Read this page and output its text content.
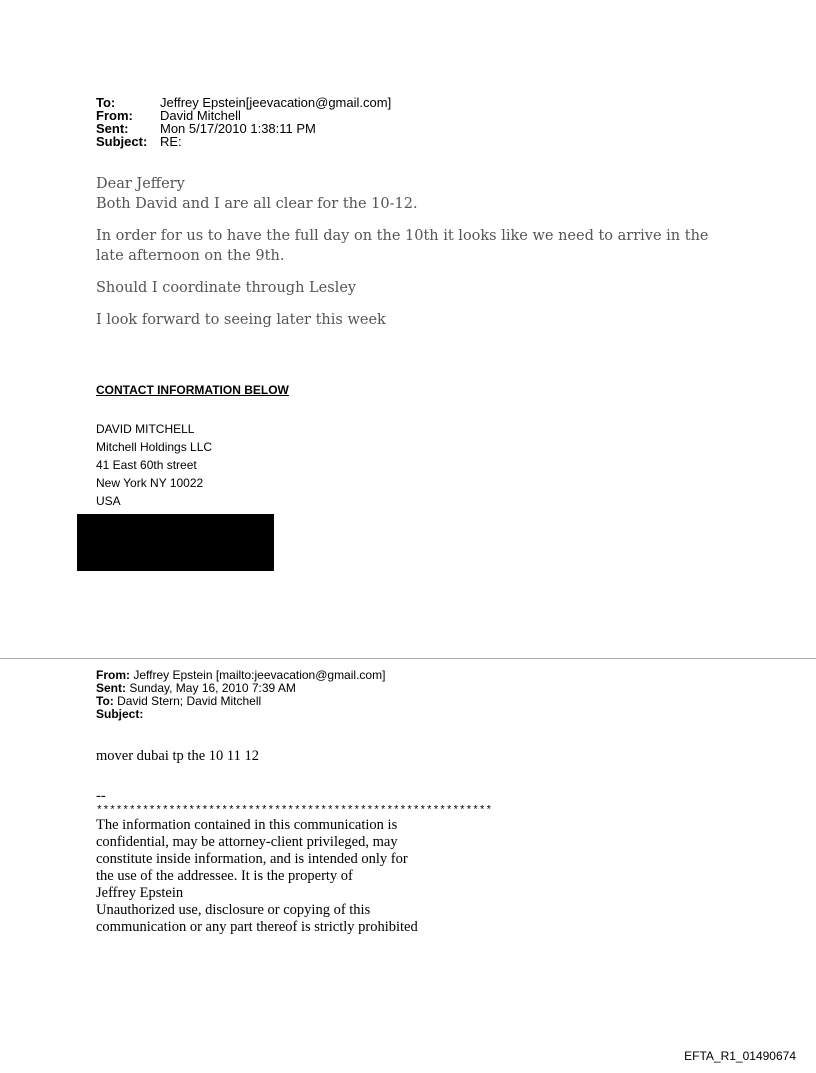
To:	Jeffrey Epstein[jeevacation@gmail.com]
From:	David Mitchell
Sent:	Mon 5/17/2010 1:38:11 PM
Subject: RE:

Dear Jeffery

Both David and I are all clear for the 10-12.

In order for us to have the full day on the 10th it looks like we need to arrive in the late afternoon on the 9th.

Should I coordinate through Lesley

I look forward to seeing later this week

CONTACT INFORMATION BELOW
DAVID MITCHELL
Mitchell Holdings LLC
41 East 60th street
New York NY 10022
USA
From: Jeffrey Epstein [mailto:jeevacation@gmail.com]
Sent: Sunday, May 16, 2010 7:39 AM
To: David Stern; David Mitchell
Subject:
mover dubai tp the 10 11 12
--
************************************************************
The information contained in this communication is
confidential, may be attorney-client privileged, may
constitute inside information, and is intended only for
the use of the addressee. It is the property of
Jeffrey Epstein
Unauthorized use, disclosure or copying of this
communication or any part thereof is strictly prohibited
EFTA_R1_01490674
